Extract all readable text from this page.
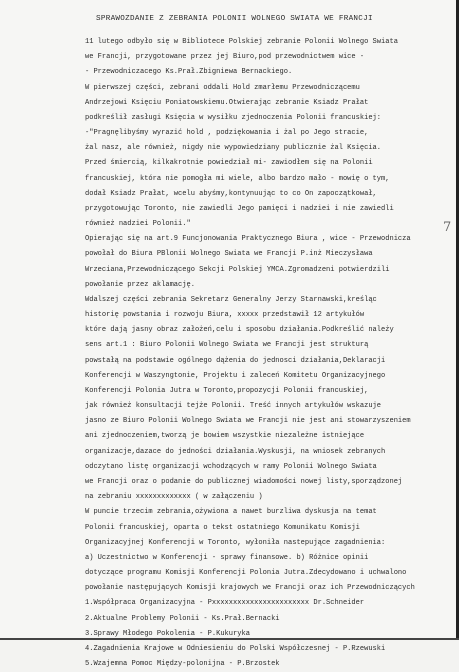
SPRAWOZDANIE Z ZEBRANIA POLONII WOLNEGO SWIATA WE FRANCJI
11 lutego odbyło się w Bibliotece Polskiej zebranie Polonii Wolnego Swiata
we Francji, przygotowane przez jej Biuro,pod przewodnictwem wice -
- Przewodniczacego Ks.Prał.Zbigniewa Bernackiego.
W pierwszej części, zebrani oddali Hold zmarłemu Przewodniczącemu
Andrzejowi Księciu Poniatowskiemu.Otwierając zebranie Ksiadz Prałat
podkreślił zasługi Księcia w wysiłku zjednoczenia Polonii francuskiej:
-"Pragnęlibyśmy wyrazić hold , podziękowania i żal po Jego stracie,
żal nasz, ale również, nigdy nie wypowiedziany publicznie żal Księcia.
Przed śmiercią, kilkakrotnie powiedział mi- zawiodłem się na Polonii
francuskiej, która nie pomogła mi wiele, albo bardzo mało - mowię o tym,
dodał Ksiadz Prałat, wcelu abyśmy,kontynuując to co On zapoczątkował,
przygotowując Toronto, nie zawiedli Jego pamięci i nadziei i nie zawiedli
również nadziei Polonii."
Opierając się na art.9 Funcjonowania Praktycznego Biura , wice - Przewodnicza
powołał do Biura PBlonii Wolnego Swiata we Francji P.inż Mieczysława
Wrzeciana,Przewodniczącego Sekcji Polskiej YMCA.Zgromadzeni potwierdzili
powołanie przez aklamację.
Wdalszej części zebrania Sekretarz Generalny Jerzy Starnawski,kreśląc
historię powstania i rozwoju Biura, xxxxx przedstawił 12 artykułów
które dają jasny obraz założeń,celu i sposobu działania.Podkreślić należy
sens art.1 : Biuro Polonii Wolnego Swiata we Francji jest strukturą
powstałą na podstawie ogólnego dążenia do jednosci działania,Deklaracji
Konferencji w Waszyngtonie, Projektu i zaleceń Komitetu Organizacyjnego
Konferencji Polonia Jutra w Toronto,propozycji Polonii francuskiej,
jak również konsultacji tejże Polonii. Treść innych artykułów wskazuje
jasno ze Biuro Polonii Wolnego Swiata we Francji nie jest ani stowarzyszeniem
ani zjednoczeniem,tworzą je bowiem wszystkie niezależne istniejące
organizacje,dazace do jedności działania.Wyskusji, na wniosek zebranych
odczytano listę organizacji wchodzących w ramy Polonii Wolnego Swiata
we Francji oraz o podanie do publicznej wiadomości nowej listy,sporządzonej
na zebraniu xxxxxxxxxxxxx ( w załączeniu )
W puncie trzecim zebrania,ożywiona a nawet burzliwa dyskusja na temat
Polonii francuskiej, oparta o tekst ostatniego Komunikatu Komisji
Organizacyjnej Konferencji w Toronto, wyłoniła nastepujące zagadnienia:
a) Uczestnictwo w Konferencji - sprawy finansowe. b) Różnice opinii
dotyczące programu Komisji Konferencji Polonia Jutra.Zdecydowano i uchwalono
powołanie następujących Komisji krajowych we Francji oraz ich Przewodniczących
1.Współpraca Organizacyjna - Pxxxxxxxxxxxxxxxxxxxxxxx Dr.Schneider
2.Aktualne Problemy Polonii - Ks.Prał.Bernacki
3.Sprawy Młodego Pokolenia - P.Kukurykа
4.Zagadnienia Krajowe w Odniesieniu do Polski Współczesnej - P.Rzewuski
5.Wzajemna Pomoc Między-polonijna - P.Brzostek
7
